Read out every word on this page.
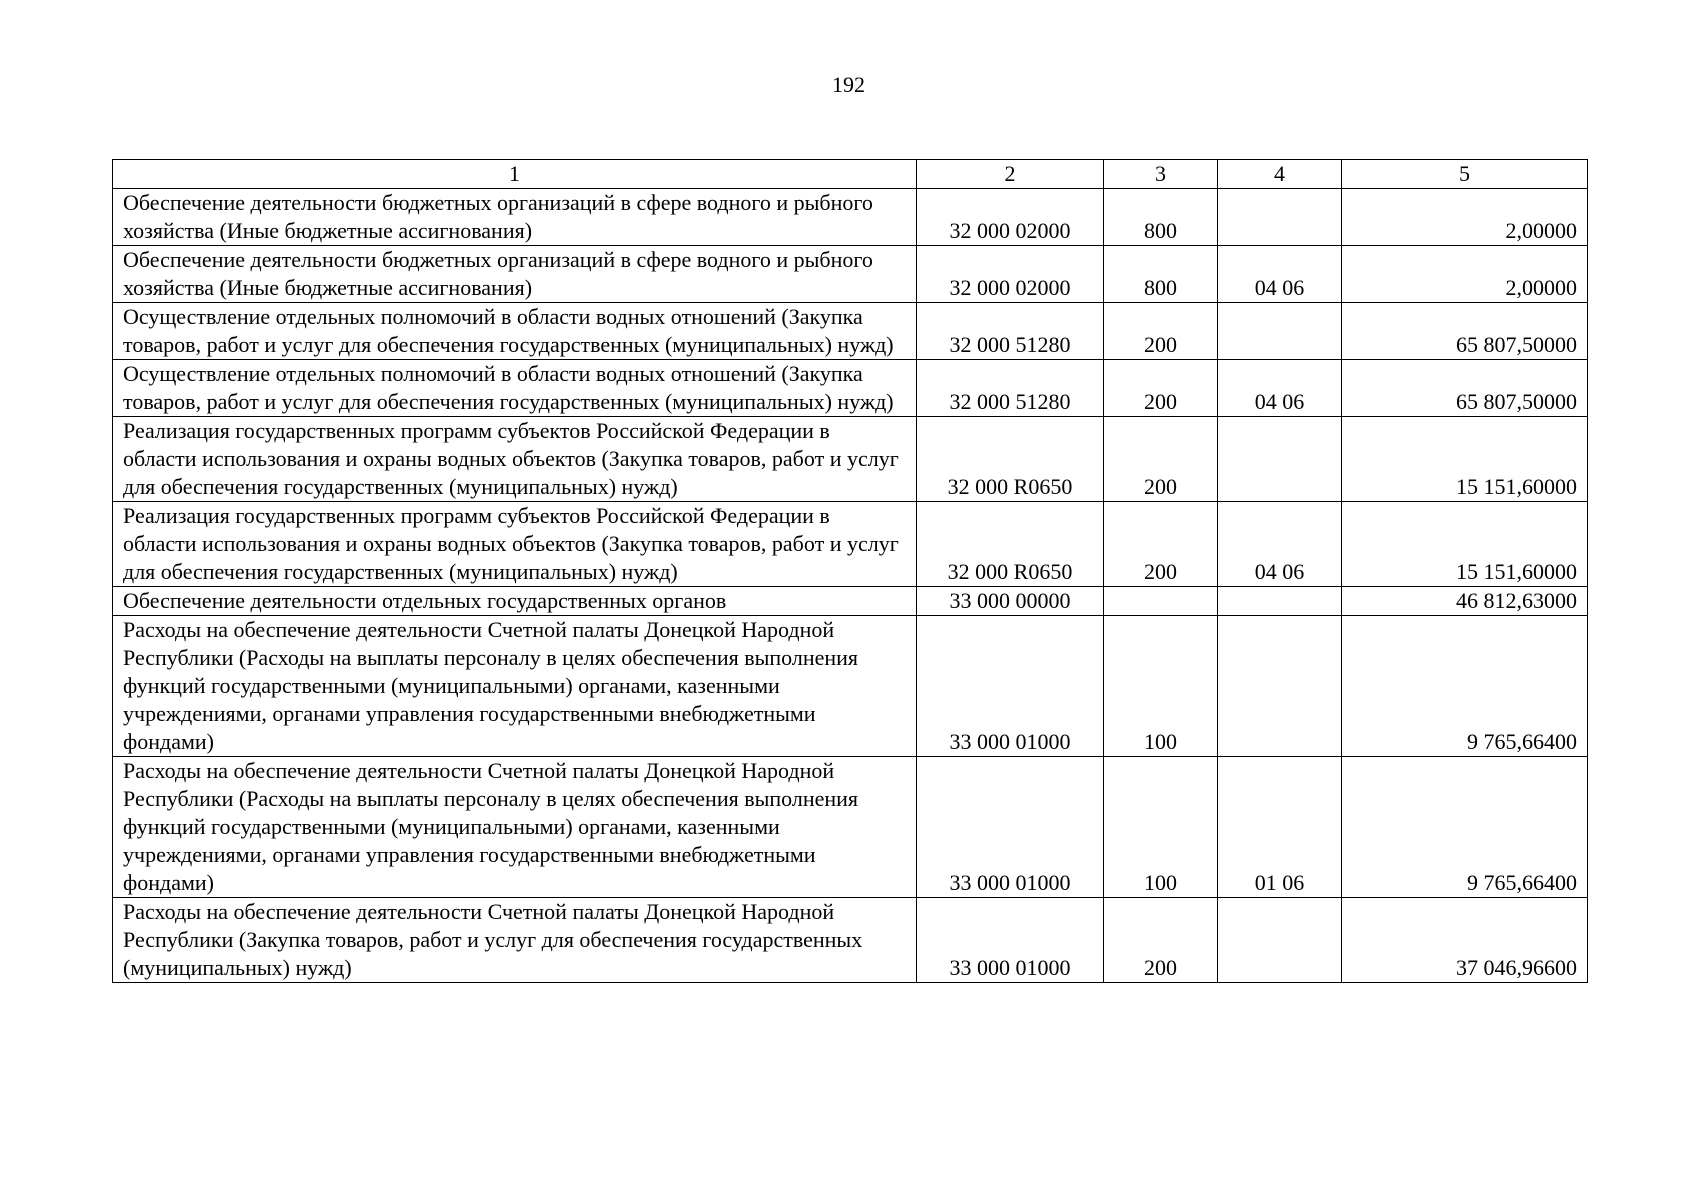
192
1	2	3	4	5
Обеспечение деятельности бюджетных организаций в сфере водного и рыбного хозяйства (Иные бюджетные ассигнования)	32 000 02000	800		2,00000
Обеспечение деятельности бюджетных организаций в сфере водного и рыбного хозяйства (Иные бюджетные ассигнования)	32 000 02000	800	04 06	2,00000
Осуществление отдельных полномочий в области водных отношений (Закупка товаров, работ и услуг для обеспечения государственных (муниципальных) нужд)	32 000 51280	200		65 807,50000
Осуществление отдельных полномочий в области водных отношений (Закупка товаров, работ и услуг для обеспечения государственных (муниципальных) нужд)	32 000 51280	200	04 06	65 807,50000
Реализация государственных программ субъектов Российской Федерации в области использования и охраны водных объектов (Закупка товаров, работ и услуг для обеспечения государственных (муниципальных) нужд)	32 000 R0650	200		15 151,60000
Реализация государственных программ субъектов Российской Федерации в области использования и охраны водных объектов (Закупка товаров, работ и услуг для обеспечения государственных (муниципальных) нужд)	32 000 R0650	200	04 06	15 151,60000
Обеспечение деятельности отдельных государственных органов	33 000 00000			46 812,63000
Расходы на обеспечение деятельности Счетной палаты Донецкой Народной Республики (Расходы на выплаты персоналу в целях обеспечения выполнения функций государственными (муниципальными) органами, казенными учреждениями, органами управления государственными внебюджетными фондами)	33 000 01000	100		9 765,66400
Расходы на обеспечение деятельности Счетной палаты Донецкой Народной Республики (Расходы на выплаты персоналу в целях обеспечения выполнения функций государственными (муниципальными) органами, казенными учреждениями, органами управления государственными внебюджетными фондами)	33 000 01000	100	01 06	9 765,66400
Расходы на обеспечение деятельности Счетной палаты Донецкой Народной Республики (Закупка товаров, работ и услуг для обеспечения государственных (муниципальных) нужд)	33 000 01000	200		37 046,96600
